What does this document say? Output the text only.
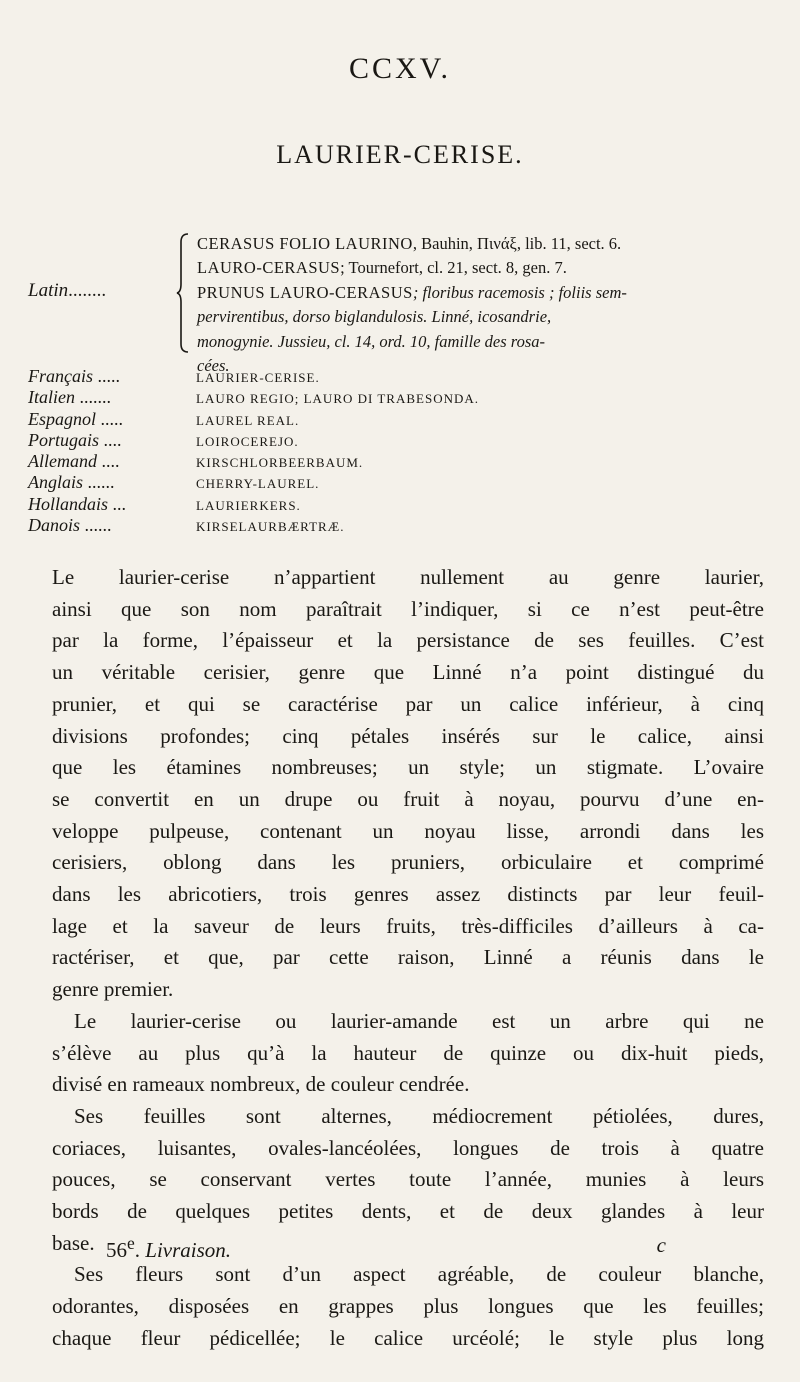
CCXV.
LAURIER-CERISE.
Latin........
CERASUS FOLIO LAURINO, Bauhin, Πινάξ, lib. 11, sect. 6.
LAURO-CERASUS; Tournefort, cl. 21, sect. 8, gen. 7.
PRUNUS LAURO-CERASUS; floribus racemosis ; foliis sem-
pervirentibus, dorso biglandulosis. Linné, icosandrie,
monogynie. Jussieu, cl. 14, ord. 10, famille des rosa-
cées.
Français .....	LAURIER-CERISE.
Italien .......	LAURO REGIO; LAURO DI TRABESONDA.
Espagnol .....	LAUREL REAL.
Portugais ....	LOIROCEREJO.
Allemand ....	KIRSCHLORBEERBAUM.
Anglais ......	CHERRY-LAUREL.
Hollandais ...	LAURIERKERS.
Danois ......	KIRSELAURBÆRTRÆ.
Le laurier-cerise n’appartient nullement au genre laurier,
ainsi que son nom paraîtrait l’indiquer, si ce n’est peut-être
par la forme, l’épaisseur et la persistance de ses feuilles. C’est
un véritable cerisier, genre que Linné n’a point distingué du
prunier, et qui se caractérise par un calice inférieur, à cinq
divisions profondes; cinq pétales insérés sur le calice, ainsi
que les étamines nombreuses; un style; un stigmate. L’ovaire
se convertit en un drupe ou fruit à noyau, pourvu d’une en-
veloppe pulpeuse, contenant un noyau lisse, arrondi dans les
cerisiers, oblong dans les pruniers, orbiculaire et comprimé
dans les abricotiers, trois genres assez distincts par leur feuil-
lage et la saveur de leurs fruits, très-difficiles d’ailleurs à ca-
ractériser, et que, par cette raison, Linné a réunis dans le
genre premier.
Le laurier-cerise ou laurier-amande est un arbre qui ne
s’élève au plus qu’à la hauteur de quinze ou dix-huit pieds,
divisé en rameaux nombreux, de couleur cendrée.
Ses feuilles sont alternes, médiocrement pétiolées, dures,
coriaces, luisantes, ovales-lancéolées, longues de trois à quatre
pouces, se conservant vertes toute l’année, munies à leurs
bords de quelques petites dents, et de deux glandes à leur
base.
Ses fleurs sont d’un aspect agréable, de couleur blanche,
odorantes, disposées en grappes plus longues que les feuilles;
chaque fleur pédicellée; le calice urcéolé; le style plus long
56e. Livraison.	c
